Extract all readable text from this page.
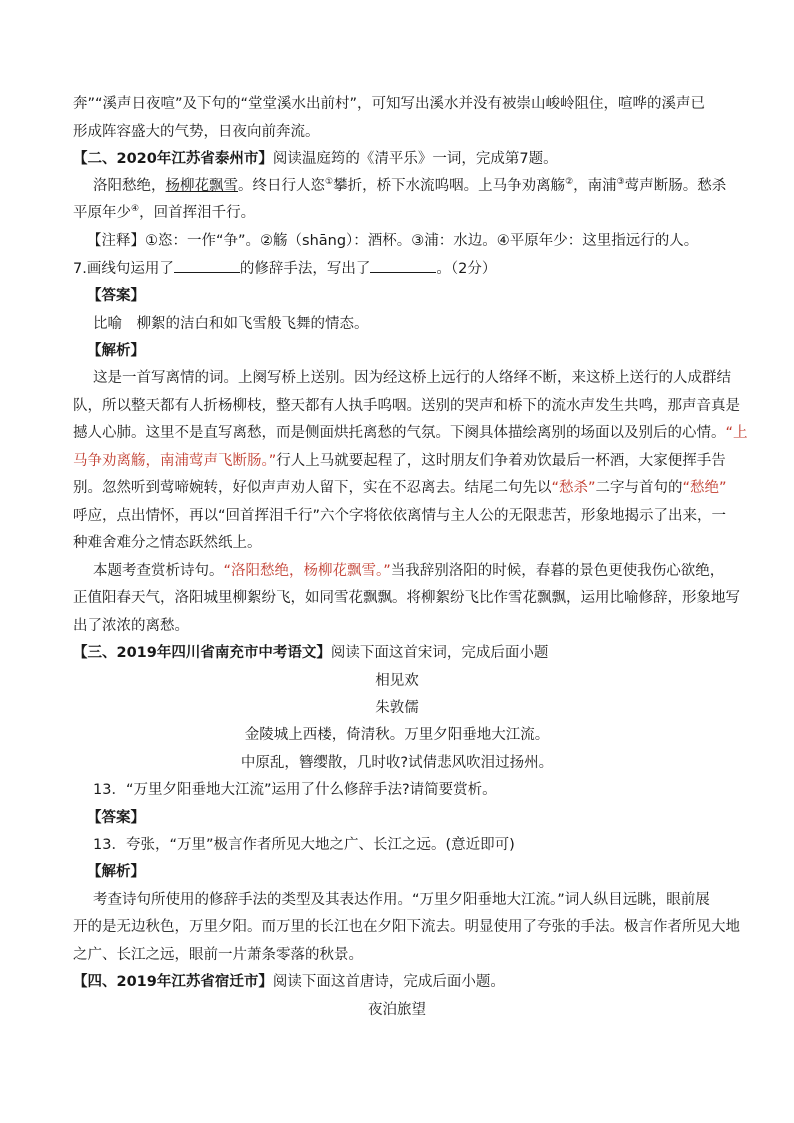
奔”“溪声日夜喧”及下句的“堂堂溪水出前村”，可知写出溪水并没有被崇山峻岭阻住，喧哗的溪声已
形成阵容盛大的气势，日夜向前奔流。
【二、2020年江苏省泰州市】阅读温庭筠的《清平乐》一词，完成第7题。
洛阳愁绝，杨柳花飘雪。终日行人恣①攀折，桥下水流呜咽。上马争劝离觞②，南浦③莺声断肠。愁杀
平原年少④，回首挥泪千行。
【注释】①恣：一作“争”。②觞（shāng）：酒杯。③浦：水边。④平原年少：这里指远行的人。
7.画线句运用了	的修辞手法，写出了	。（2分）
【答案】
比喻　柳絮的洁白和如飞雪般飞舞的情态。
【解析】
这是一首写离情的词。上阕写桥上送别。因为经这桥上远行的人络绎不断，来这桥上送行的人成群结
队，所以整天都有人折杨柳枝，整天都有人执手呜咽。送别的哭声和桥下的流水声发生共鸣，那声音真是
撼人心肺。这里不是直写离愁，而是侧面烘托离愁的气氛。下阕具体描绘离别的场面以及别后的心情。“上
马争劝离觞，南浦莺声飞断肠。”行人上马就要起程了，这时朋友们争着劝饮最后一杯酒，大家便挥手告
别。忽然听到莺啼婉转，好似声声劝人留下，实在不忍离去。结尾二句先以“愁杀”二字与首句的“愁绝”
呼应，点出情怀，再以“回首挥泪千行”六个字将依依离情与主人公的无限悲苦，形象地揭示了出来，一
种难舍难分之情态跃然纸上。
本题考查赏析诗句。“洛阳愁绝，杨柳花飘雪。”当我辞别洛阳的时候，春暮的景色更使我伤心欲绝，
正值阳春天气，洛阳城里柳絮纷飞，如同雪花飘飘。将柳絮纷飞比作雪花飘飘，运用比喻修辞，形象地写
出了浓浓的离愁。
【三、2019年四川省南充市中考语文】阅读下面这首宋词，完成后面小题
相见欢
朱敦儒
金陵城上西楼，倚清秋。万里夕阳垂地大江流。
中原乱，簪缨散，几时收?试倩悲风吹泪过扬州。
13．“万里夕阳垂地大江流”运用了什么修辞手法?请简要赏析。
【答案】
13．夸张，“万里”极言作者所见大地之广、长江之远。(意近即可)
【解析】
考查诗句所使用的修辞手法的类型及其表达作用。“万里夕阳垂地大江流。”词人纵目远眺，眼前展
开的是无边秋色，万里夕阳。而万里的长江也在夕阳下流去。明显使用了夸张的手法。极言作者所见大地
之广、长江之远，眼前一片萧条零落的秋景。
【四、2019年江苏省宿迁市】阅读下面这首唐诗，完成后面小题。
夜泊旅望
